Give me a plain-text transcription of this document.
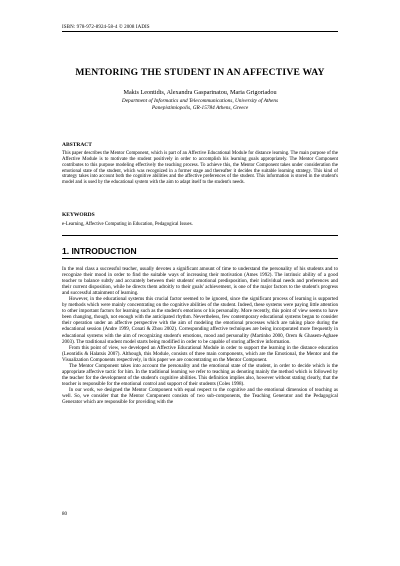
ISBN: 978-972-8924-58-4 © 2008 IADIS
MENTORING THE STUDENT IN AN AFFECTIVE WAY
Makis Leontidis, Alexandra Gasparinatou, Maria Grigoriadou
Department of Informatics and Telecommunications, University of Athens
Panepistimiopolis, GR-15784 Athens, Greece
ABSTRACT

This paper describes the Mentor Component, which is part of an Affective Educational Module for distance learning. The main purpose of the Affective Module is to motivate the student positively in order to accomplish his learning goals appropriately. The Mentor Component contributes to this purpose modeling effectively the teaching process. To achieve this, the Mentor Component takes under consideration the emotional state of the student, which was recognized in a former stage and thereafter it decides the suitable learning strategy. This kind of strategy takes into account both the cognitive abilities and the affective preferences of the student. This information is stored in the student's model and is used by the educational system with the aim to adapt itself to the student's needs.

KEYWORDS

e-Learning, Affective Computing in Education, Pedagogical Issues.

1. INTRODUCTION

In the real class a successful teacher, usually devotes a significant amount of time to understand the personality of his students and to recognize their mood in order to find the suitable ways of increasing their motivation (Ames 1992). The intrinsic ability of a good teacher to balance subtly and accurately between their students' emotional predisposition, their individual needs and preferences and their current disposition, while he directs them adroitly to their goals' achievement, is one of the major factors to the student's progress and successful attainment of learning.

However, in the educational systems this crucial factor seemed to be ignored, since the significant process of learning is supported by methods which were mainly concentrating on the cognitive abilities of the student. Indeed, these systems were paying little attention to other important factors for learning such as the student's emotions or his personality. More recently, this point of view seems to have been changing, though, not enough with the anticipated rhythm. Nevertheless, few contemporary educational systems began to consider their operation under an affective perspective with the aim of modeling the emotional processes which are taking place during the educational session (Andre 1999, Conati & Zhou 2002). Corresponding affective techniques are being incorporated more frequently in educational systems with the aim of recognizing student's emotions, mood and personality (Martinho 2000, Orem & Ghasem-Aghaee 2003). The traditional student model starts being modified in order to be capable of storing affective information.

From this point of view, we developed an Affective Educational Module in order to support the learning in the distance education (Leontidis & Halatsis 2007). Although, this Module, consists of three main components, which are the Emotional, the Mentor and the Visualization Components respectively, in this paper we are concentrating on the Mentor Component.

The Mentor Component takes into account the personality and the emotional state of the student, in order to decide which is the appropriate affective tactic for him. In the traditional learning we refer to teaching as denoting mainly the method which is followed by the teacher for the development of the student's cognitive abilities. This definition implies also, however without stating clearly, that the teacher is responsible for the emotional control and support of their students (Coles 1998).

In our work, we designed the Mentor Component with equal respect to the cognitive and the emotional dimension of teaching as well. So, we consider that the Mentor Component consists of two sub-components, the Teaching Generator and the Pedagogical Generator which are responsible for providing with the

80
